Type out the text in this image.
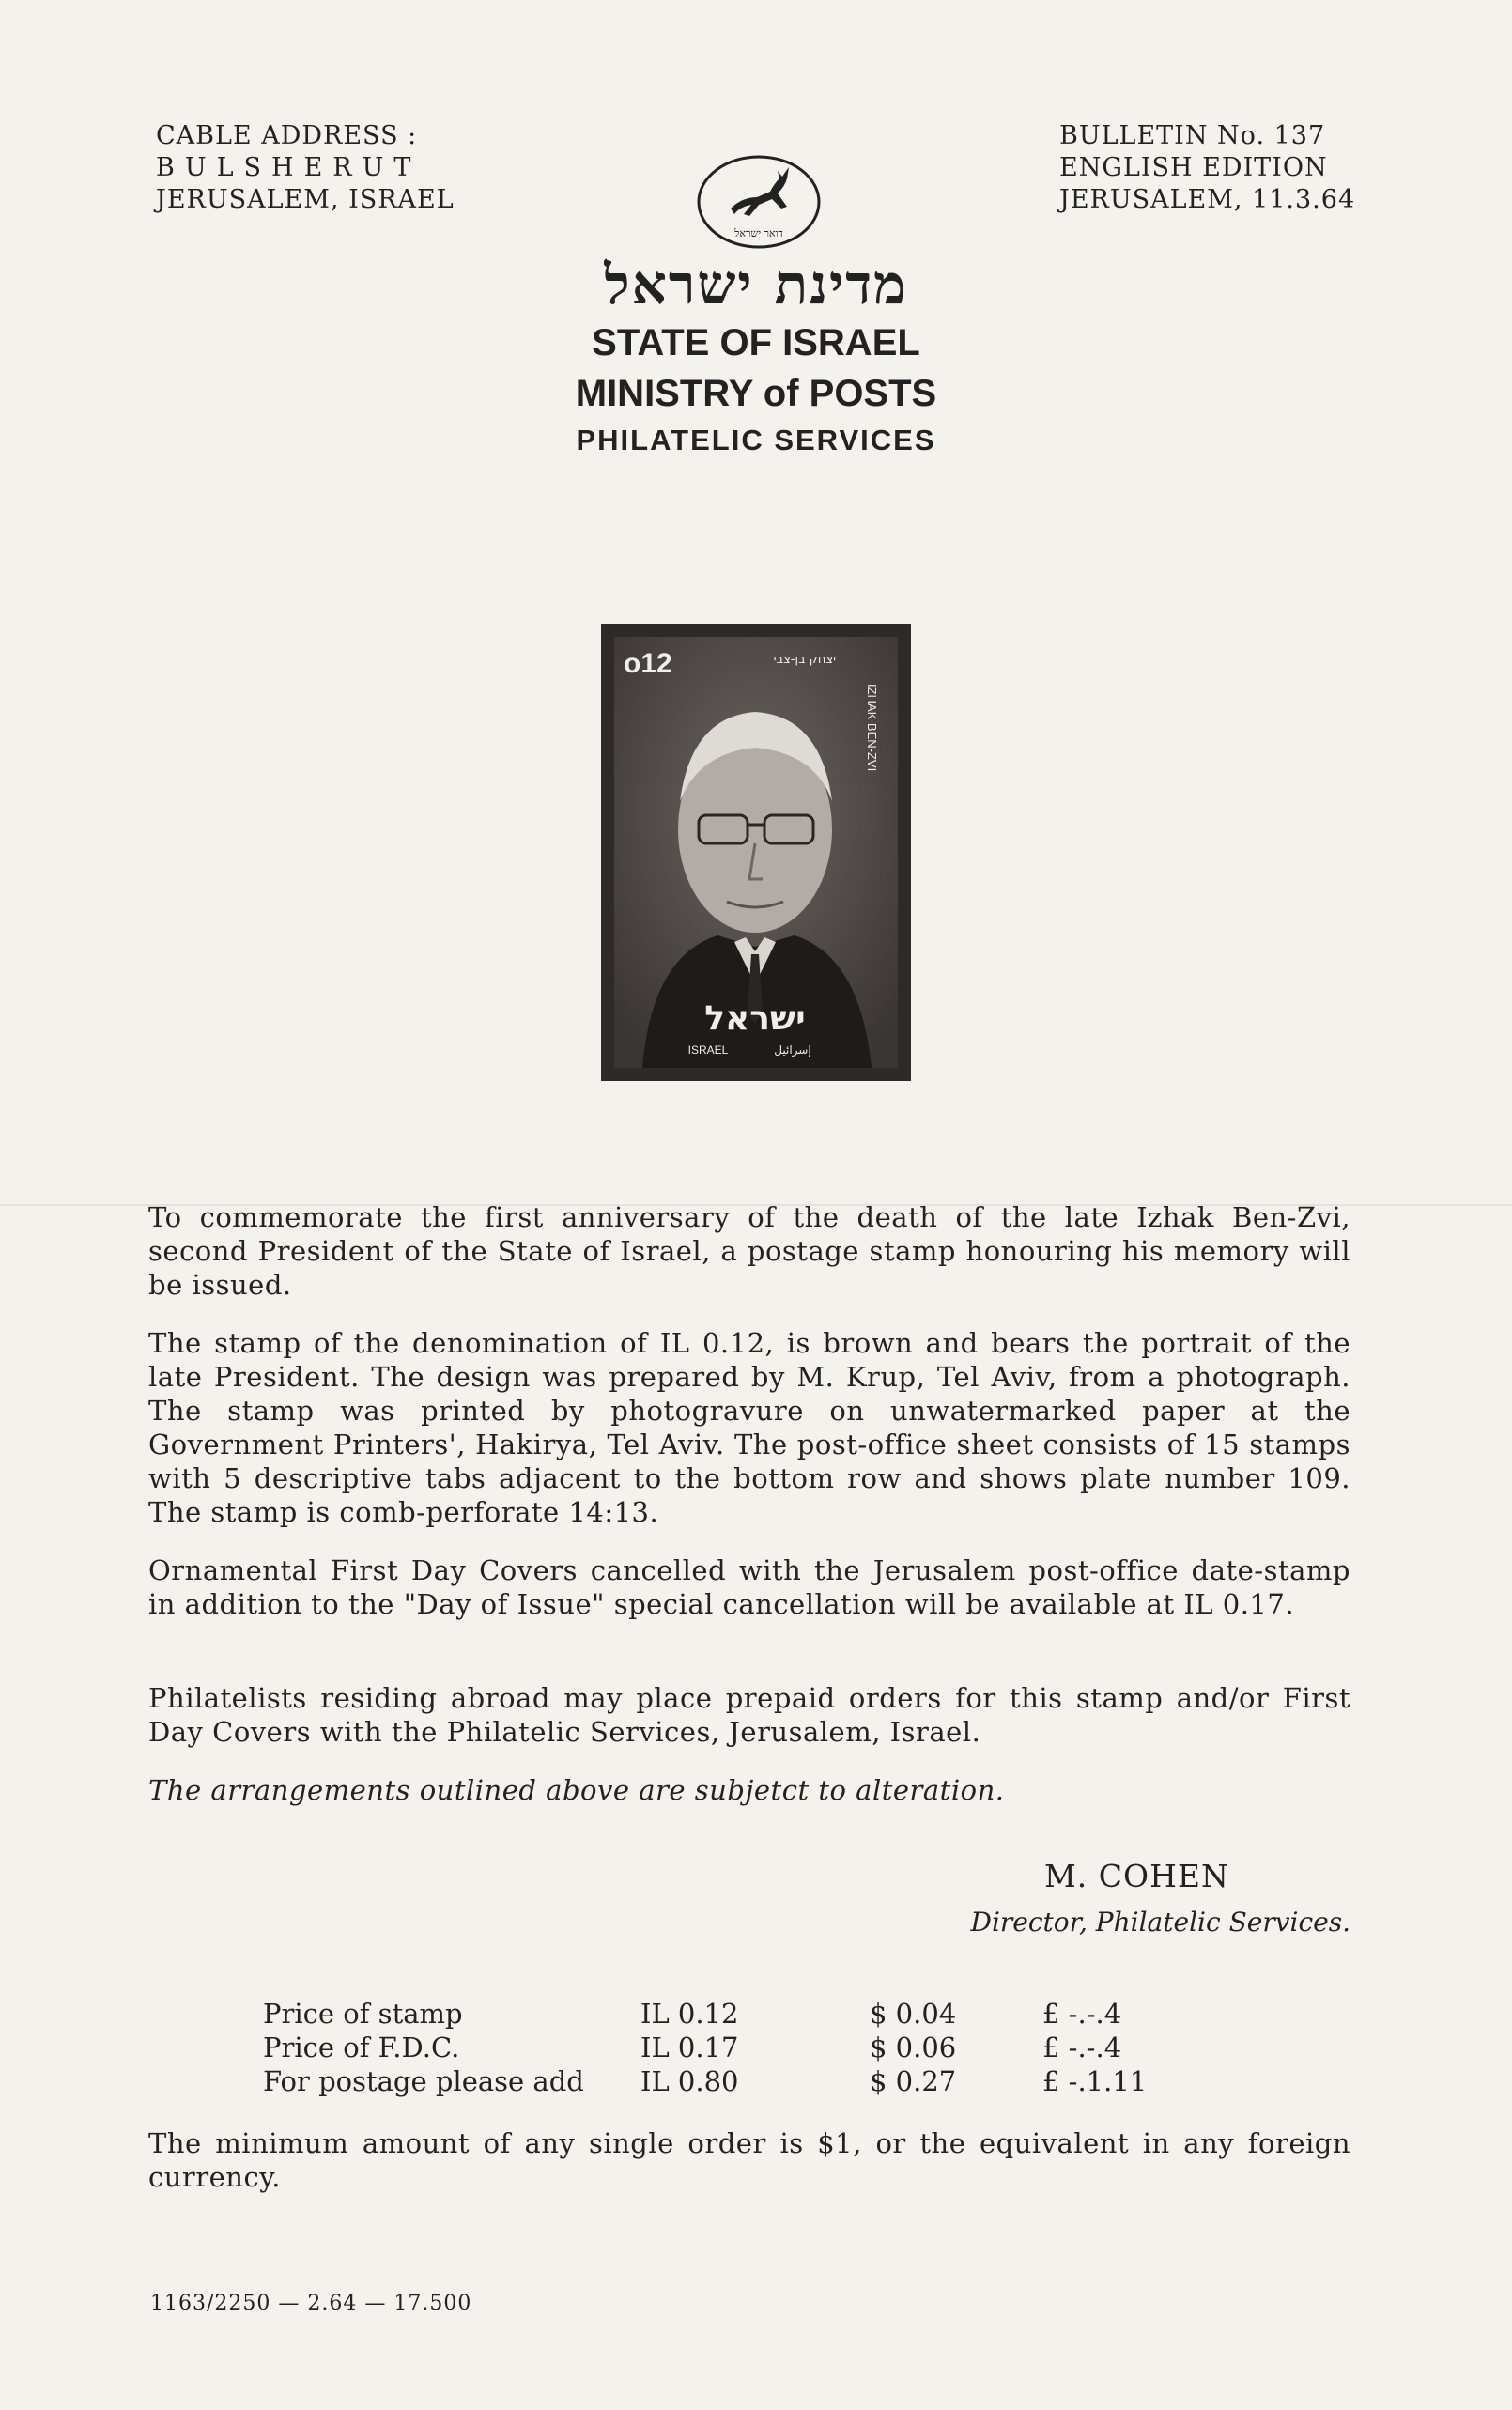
CABLE ADDRESS :
BULSHERUT
JERUSALEM, ISRAEL
BULLETIN No. 137
ENGLISH EDITION
JERUSALEM, 11.3.64
דואר ישראל
מדינת ישראל
STATE OF ISRAEL
MINISTRY of POSTS
PHILATELIC SERVICES
o12
IZHAK BEN-ZVI
יצחק בן-צבי
ישראל
ISRAEL	إسرائيل
To commemorate the first anniversary of the death of the late Izhak Ben-Zvi, second President of the State of Israel, a postage stamp honouring his memory will be issued.
The stamp of the denomination of IL 0.12, is brown and bears the portrait of the late President. The design was prepared by M. Krup, Tel Aviv, from a photograph. The stamp was printed by photogravure on unwatermarked paper at the Government Printers', Hakirya, Tel Aviv. The post-office sheet consists of 15 stamps with 5 descriptive tabs adjacent to the bottom row and shows plate number 109. The stamp is comb-perforate 14:13.
Ornamental First Day Covers cancelled with the Jerusalem post-office date-stamp in addition to the "Day of Issue" special cancellation will be available at IL 0.17.
Philatelists residing abroad may place prepaid orders for this stamp and/or First Day Covers with the Philatelic Services, Jerusalem, Israel.
The arrangements outlined above are subjetct to alteration.
M. COHEN
Director, Philatelic Services.
Price of stamp	IL 0.12	$ 0.04	£ -.-.4
Price of F.D.C.	IL 0.17	$ 0.06	£ -.-.4
For postage please add IL 0.80	$ 0.27	£ -.1.11
The minimum amount of any single order is $1, or the equivalent in any foreign currency.
1163/2250 — 2.64 — 17.500
